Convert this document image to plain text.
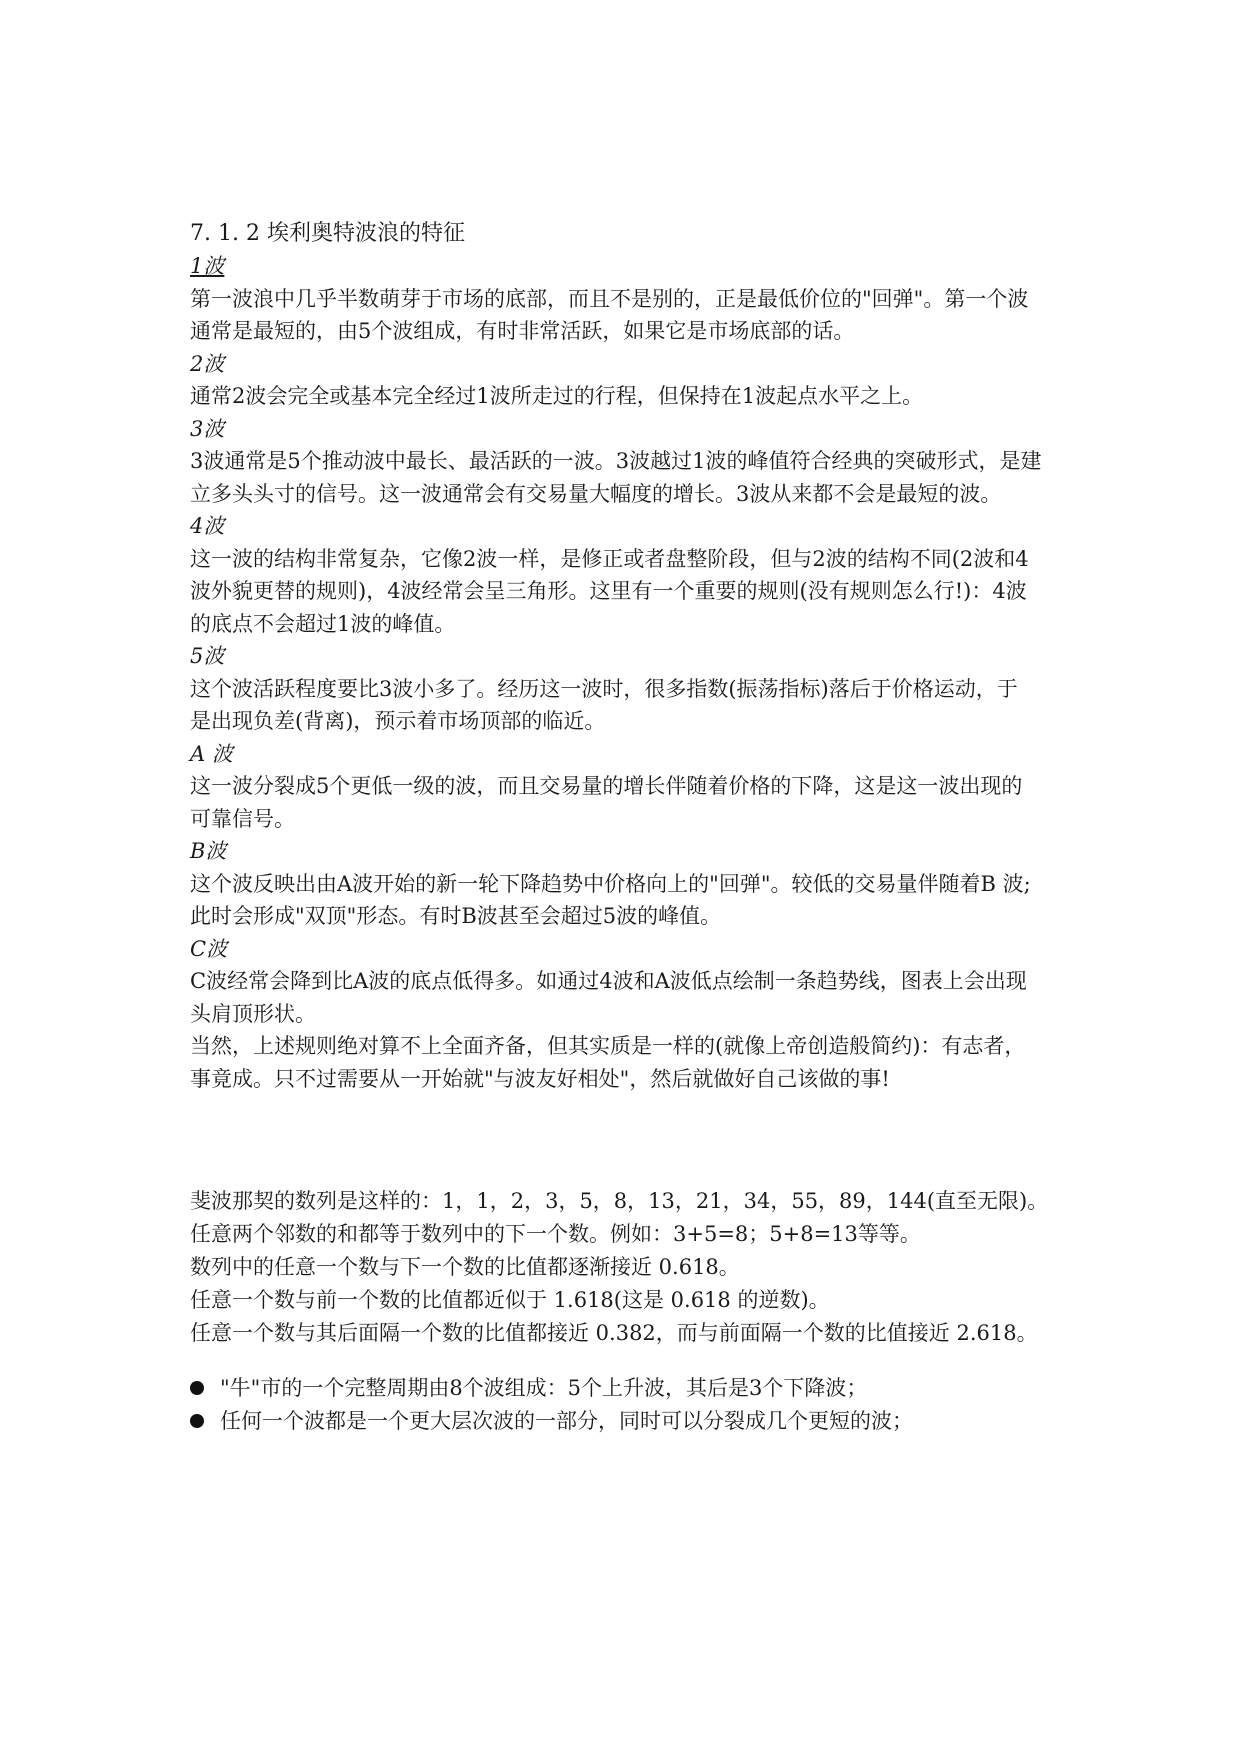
7. 1. 2 埃利奥特波浪的特征

1波

第一波浪中几乎半数萌芽于市场的底部，而且不是别的，正是最低价位的"回弹"。第一个波

通常是最短的，由5个波组成，有时非常活跃，如果它是市场底部的话。

2波

通常2波会完全或基本完全经过1波所走过的行程，但保持在1波起点水平之上。

3波

3波通常是5个推动波中最长、最活跃的一波。3波越过1波的峰值符合经典的突破形式，是建

立多头头寸的信号。这一波通常会有交易量大幅度的增长。3波从来都不会是最短的波。

4波

这一波的结构非常复杂，它像2波一样，是修正或者盘整阶段，但与2波的结构不同(2波和4

波外貌更替的规则)，4波经常会呈三角形。这里有一个重要的规则(没有规则怎么行!)：4波

的底点不会超过1波的峰值。

5波

这个波活跃程度要比3波小多了。经历这一波时，很多指数(振荡指标)落后于价格运动，于

是出现负差(背离)，预示着市场顶部的临近。

A 波

这一波分裂成5个更低一级的波，而且交易量的增长伴随着价格的下降，这是这一波出现的

可靠信号。

B波

这个波反映出由A波开始的新一轮下降趋势中价格向上的"回弹"。较低的交易量伴随着B 波;

此时会形成"双顶"形态。有时B波甚至会超过5波的峰值。

C波

C波经常会降到比A波的底点低得多。如通过4波和A波低点绘制一条趋势线，图表上会出现

头肩顶形状。

当然，上述规则绝对算不上全面齐备，但其实质是一样的(就像上帝创造般简约)：有志者，

事竟成。只不过需要从一开始就"与波友好相处"，然后就做好自己该做的事!

斐波那契的数列是这样的：1，1，2，3，5，8，13，21，34，55，89，144(直至无限)。

任意两个邻数的和都等于数列中的下一个数。例如：3+5=8；5+8=13等等。

数列中的任意一个数与下一个数的比值都逐渐接近 0.618。

任意一个数与前一个数的比值都近似于 1.618(这是 0.618 的逆数)。

任意一个数与其后面隔一个数的比值都接近 0.382，而与前面隔一个数的比值接近 2.618。

"牛"市的一个完整周期由8个波组成：5个上升波，其后是3个下降波；

任何一个波都是一个更大层次波的一部分，同时可以分裂成几个更短的波；
